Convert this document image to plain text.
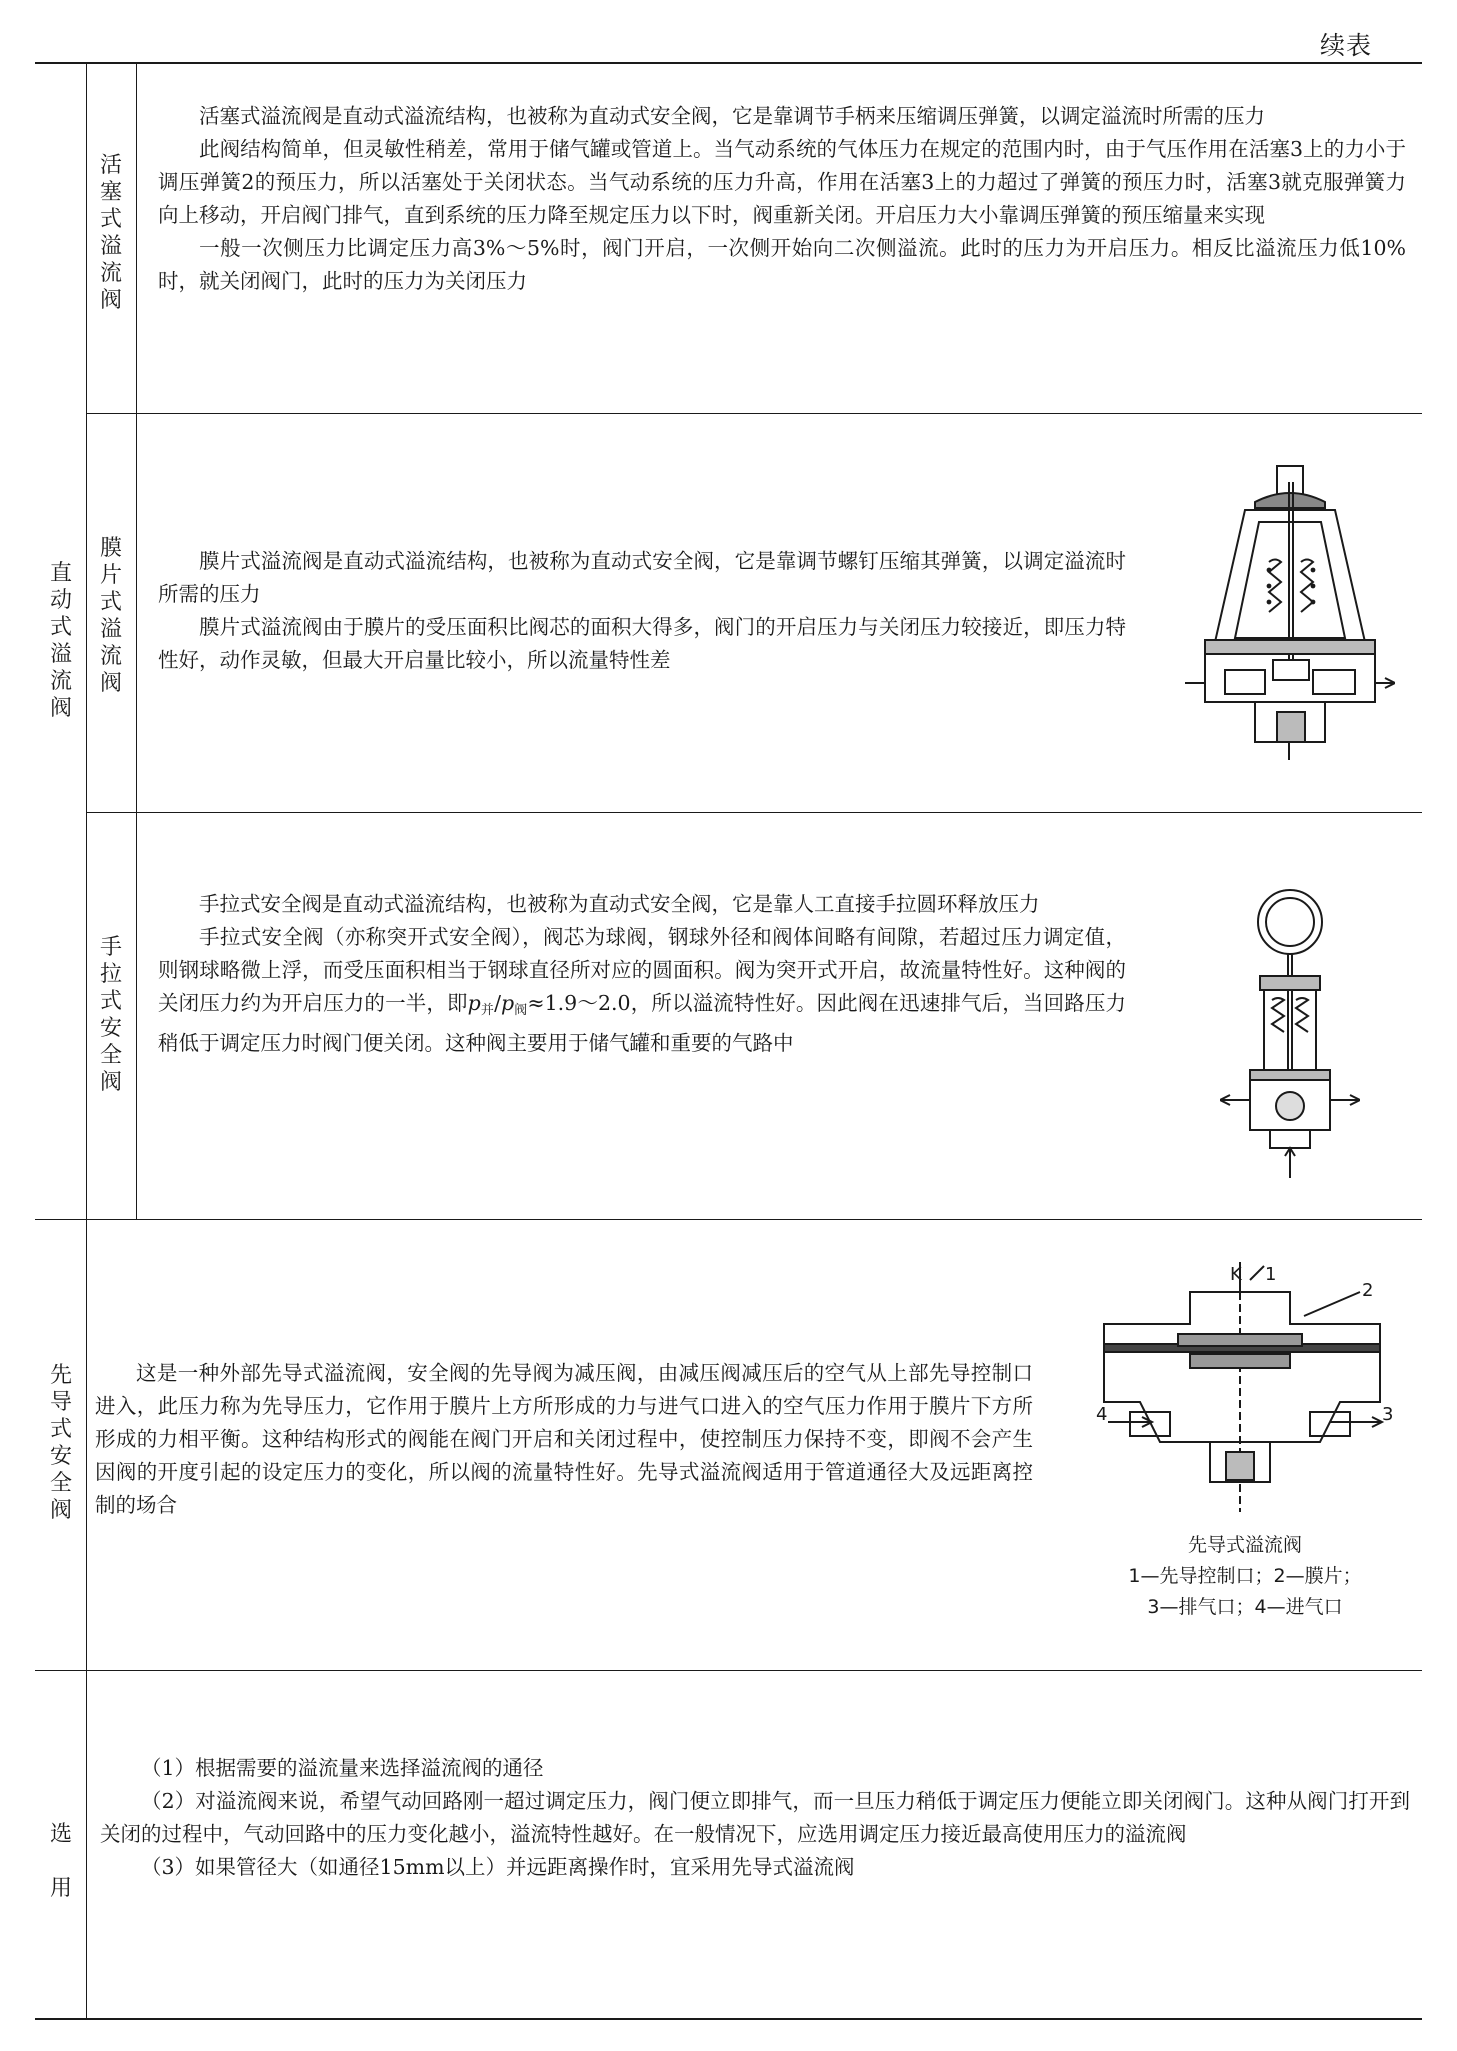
续表
直动式溢流阀
先导式安全阀
选用
活塞式溢流阀
膜片式溢流阀
手拉式安全阀

活塞式溢流阀是直动式溢流结构，也被称为直动式安全阀，它是靠调节手柄来压缩调压弹簧，以调定溢流时所需的压力

此阀结构简单，但灵敏性稍差，常用于储气罐或管道上。当气动系统的气体压力在规定的范围内时，由于气压作用在活塞3上的力小于调压弹簧2的预压力，所以活塞处于关闭状态。当气动系统的压力升高，作用在活塞3上的力超过了弹簧的预压力时，活塞3就克服弹簧力向上移动，开启阀门排气，直到系统的压力降至规定压力以下时，阀重新关闭。开启压力大小靠调压弹簧的预压缩量来实现

一般一次侧压力比调定压力高3%～5%时，阀门开启，一次侧开始向二次侧溢流。此时的压力为开启压力。相反比溢流压力低10%时，就关闭阀门，此时的压力为关闭压力

膜片式溢流阀是直动式溢流结构，也被称为直动式安全阀，它是靠调节螺钉压缩其弹簧，以调定溢流时所需的压力

膜片式溢流阀由于膜片的受压面积比阀芯的面积大得多，阀门的开启压力与关闭压力较接近，即压力特性好，动作灵敏，但最大开启量比较小，所以流量特性差

手拉式安全阀是直动式溢流结构，也被称为直动式安全阀，它是靠人工直接手拉圆环释放压力

手拉式安全阀（亦称突开式安全阀），阀芯为球阀，钢球外径和阀体间略有间隙，若超过压力调定值，则钢球略微上浮，而受压面积相当于钢球直径所对应的圆面积。阀为突开式开启，故流量特性好。这种阀的关闭压力约为开启压力的一半，即$p_并/p_阀\approx 1.9\sim 2.0$，所以溢流特性好。因此阀在迅速排气后，当回路压力稍低于调定压力时阀门便关闭。这种阀主要用于储气罐和重要的气路中

这是一种外部先导式溢流阀，安全阀的先导阀为减压阀，由减压阀减压后的空气从上部先导控制口进入，此压力称为先导压力，它作用于膜片上方所形成的力与进气口进入的空气压力作用于膜片下方所形成的力相平衡。这种结构形式的阀能在阀门开启和关闭过程中，使控制压力保持不变，即阀不会产生因阀的开度引起的设定压力的变化，所以阀的流量特性好。先导式溢流阀适用于管道通径大及远距离控制的场合

K 1
2
3
4
先导式溢流阀
1—先导控制口；2—膜片；
3—排气口；4—进气口

（1）根据需要的溢流量来选择溢流阀的通径

（2）对溢流阀来说，希望气动回路刚一超过调定压力，阀门便立即排气，而一旦压力稍低于调定压力便能立即关闭阀门。这种从阀门打开到关闭的过程中，气动回路中的压力变化越小，溢流特性越好。在一般情况下，应选用调定压力接近最高使用压力的溢流阀

（3）如果管径大（如通径15mm以上）并远距离操作时，宜采用先导式溢流阀
